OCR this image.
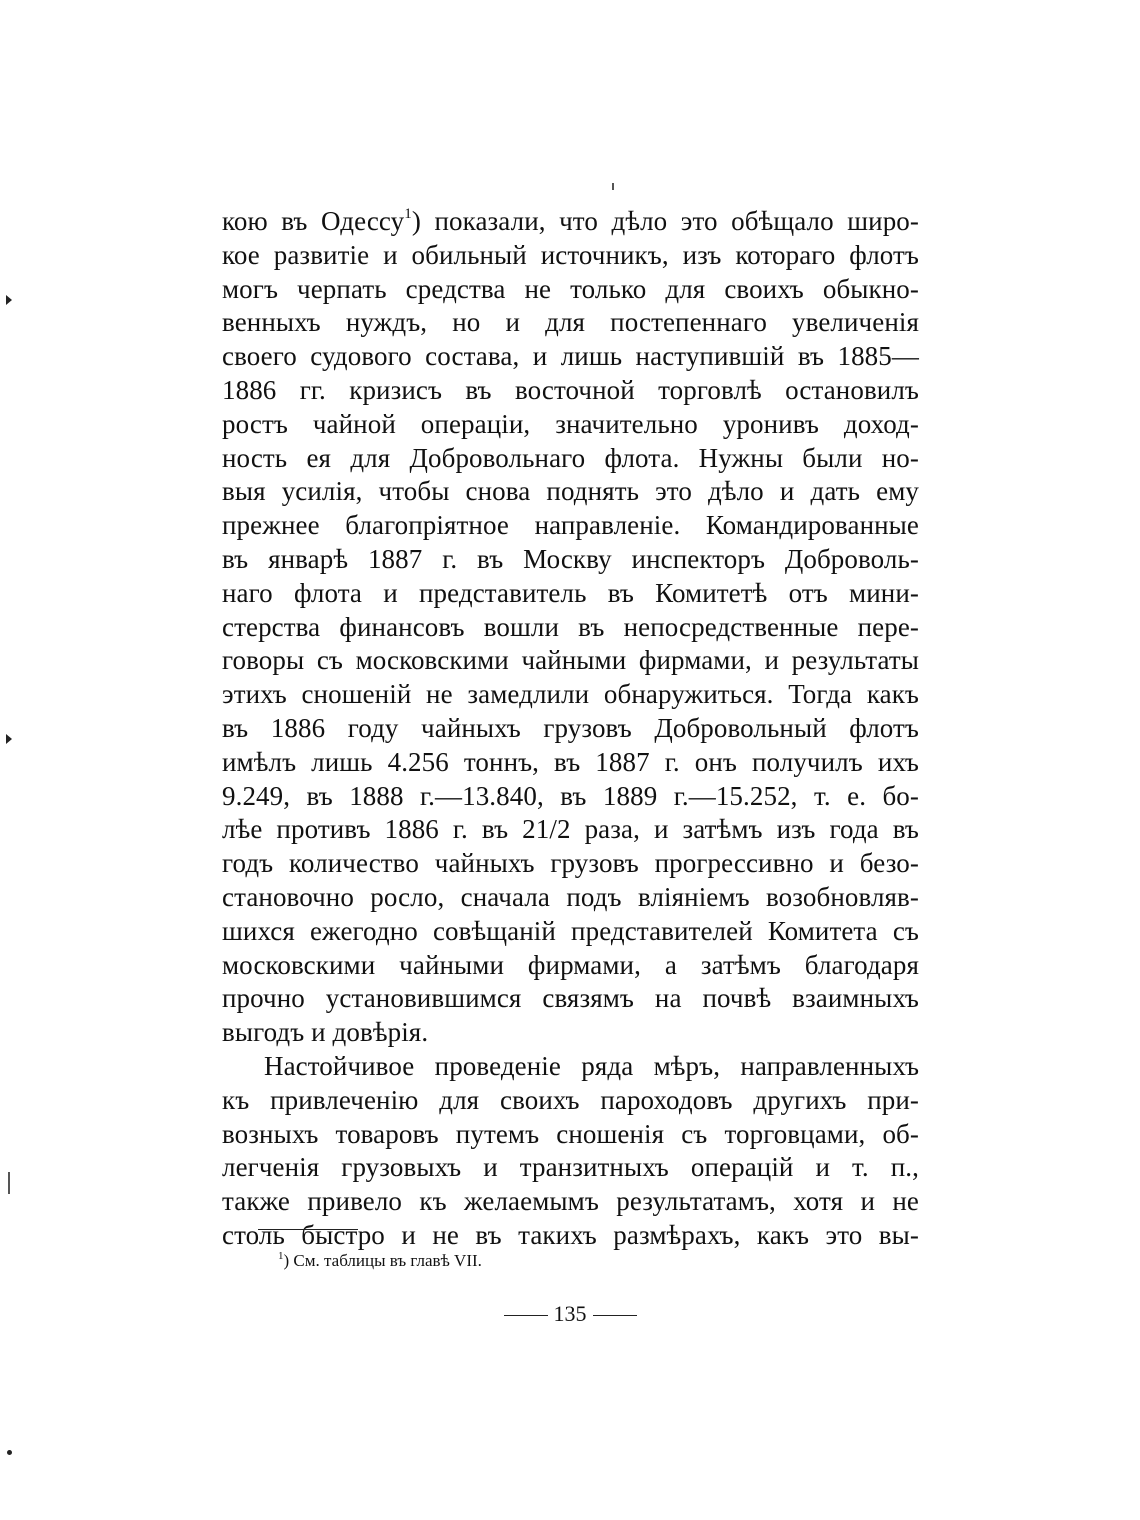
кою въ Одессу$^1$) показали, что дѣло это обѣщало широ-
кое развитіе и обильный источникъ, изъ котораго флотъ
могъ черпать средства не только для своихъ обыкно-
венныхъ нуждъ, но и для постепеннаго увеличенія
своего судового состава, и лишь наступившій въ 1885—
1886 гг. кризисъ въ восточной торговлѣ остановилъ
ростъ чайной операціи, значительно уронивъ доход-
ность ея для Добровольнаго флота. Нужны были но-
выя усилія, чтобы снова поднять это дѣло и дать ему
прежнее благопріятное направленіе. Командированные
въ январѣ 1887 г. въ Москву инспекторъ Доброволь-
наго флота и представитель въ Комитетѣ отъ мини-
стерства финансовъ вошли въ непосредственные пере-
говоры съ московскими чайными фирмами, и результаты
этихъ сношеній не замедлили обнаружиться. Тогда какъ
въ 1886 году чайныхъ грузовъ Добровольный флотъ
имѣлъ лишь 4.256 тоннъ, въ 1887 г. онъ получилъ ихъ
9.249, въ 1888 г.—13.840, въ 1889 г.—15.252, т. е. бо-
лѣе противъ 1886 г. въ 21/2 раза, и затѣмъ изъ года въ
годъ количество чайныхъ грузовъ прогрессивно и безо-
становочно росло, сначала подъ вліяніемъ возобновляв-
шихся ежегодно совѣщаній представителей Комитета съ
московскими чайными фирмами, а затѣмъ благодаря
прочно установившимся связямъ на почвѣ взаимныхъ
выгодъ и довѣрія.
Настойчивое проведеніе ряда мѣръ, направленныхъ
къ привлеченію для своихъ пароходовъ другихъ при-
возныхъ товаровъ путемъ сношенія съ торговцами, об-
легченія грузовыхъ и транзитныхъ операцій и т. п.,
также привело къ желаемымъ результатамъ, хотя и не
столь быстро и не въ такихъ размѣрахъ, какъ это вы-
$^1$) См. таблицы въ главѣ VII.
135
